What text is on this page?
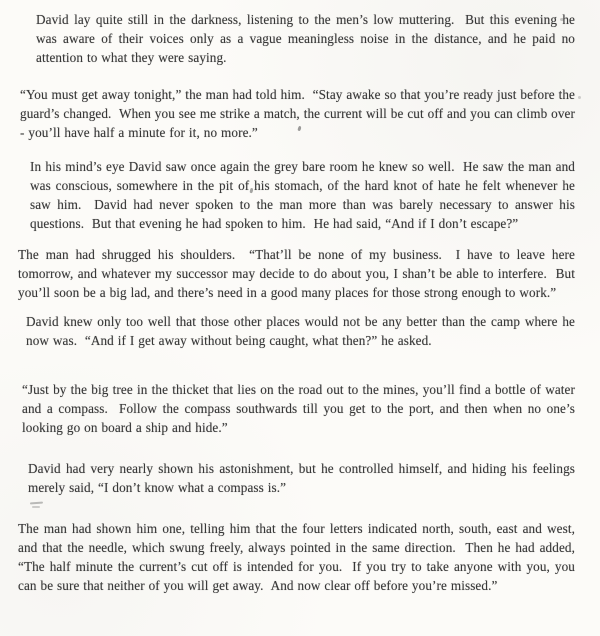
David lay quite still in the darkness, listening to the men’s low muttering.  But this evening he was aware of their voices only as a vague meaningless noise in the distance, and he paid no attention to what they were saying.

“You must get away tonight,” the man had told him.  “Stay awake so that you’re ready just before the guard’s changed.  When you see me strike a match, the current will be cut off and you can climb over - you’ll have half a minute for it, no more.”

In his mind’s eye David saw once again the grey bare room he knew so well.  He saw the man and was conscious, somewhere in the pit of his stomach, of the hard knot of hate he felt whenever he saw him.  David had never spoken to the man more than was barely necessary to answer his questions.  But that evening he had spoken to him.  He had said, “And if I don’t escape?”

The man had shrugged his shoulders.  “That’ll be none of my business.  I have to leave here tomorrow, and whatever my successor may decide to do about you, I shan’t be able to interfere.  But you’ll soon be a big lad, and there’s need in a good many places for those strong enough to work.”

David knew only too well that those other places would not be any better than the camp where he now was.  “And if I get away without being caught, what then?” he asked.

“Just by the big tree in the thicket that lies on the road out to the mines, you’ll find a bottle of water and a compass.  Follow the compass southwards till you get to the port, and then when no one’s looking go on board a ship and hide.”

David had very nearly shown his astonishment, but he controlled himself, and hiding his feelings merely said, “I don’t know what a compass is.”

The man had shown him one, telling him that the four letters indicated north, south, east and west, and that the needle, which swung freely, always pointed in the same direction.  Then he had added, “The half minute the current’s cut off is intended for you.  If you try to take anyone with you, you can be sure that neither of you will get away.  And now clear off before you’re missed.”
